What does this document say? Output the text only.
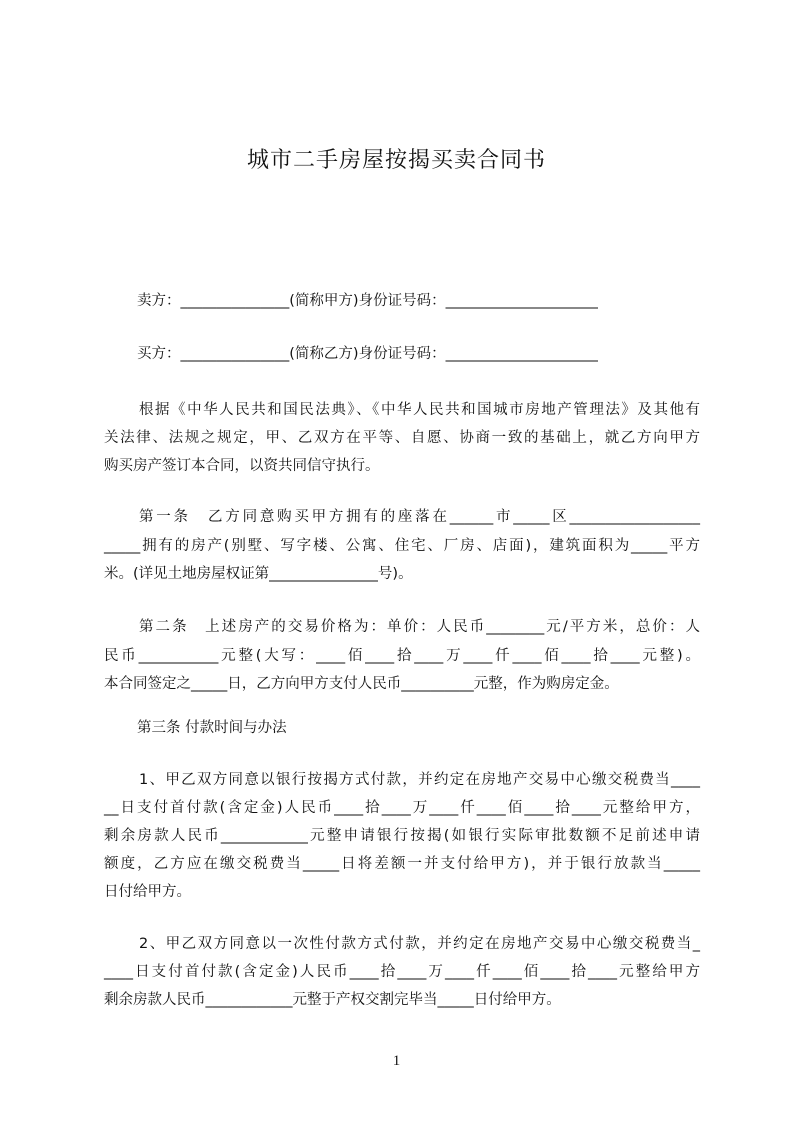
城市二手房屋按揭买卖合同书
卖方：_______________(简称甲方)身份证号码：_____________________
买方：_______________(简称乙方)身份证号码：_____________________
根据《中华人民共和国民法典》、《中华人民共和国城市房地产管理法》及其他有
关法律、法规之规定，甲、乙双方在平等、自愿、协商一致的基础上，就乙方向甲方
购买房产签订本合同，以资共同信守执行。
第一条　乙方同意购买甲方拥有的座落在______市_____区__________________
_____拥有的房产(别墅、写字楼、公寓、住宅、厂房、店面)，建筑面积为_____平方
米。(详见土地房屋权证第_______________号)。
第二条　上述房产的交易价格为：单价：人民币________元/平方米，总价：人
民币___________元整(大写：____佰____拾____万____仟____佰____拾____元整)。
本合同签定之_____日，乙方向甲方支付人民币__________元整，作为购房定金。
第三条 付款时间与办法
1、甲乙双方同意以银行按揭方式付款，并约定在房地产交易中心缴交税费当____
__日支付首付款(含定金)人民币____拾____万____仟____佰____拾____元整给甲方，
剩余房款人民币____________元整申请银行按揭(如银行实际审批数额不足前述申请
额度，乙方应在缴交税费当_____日将差额一并支付给甲方)，并于银行放款当_____
日付给甲方。
2、甲乙双方同意以一次性付款方式付款，并约定在房地产交易中心缴交税费当_
____日支付首付款(含定金)人民币____拾____万____仟____佰____拾____元整给甲方
剩余房款人民币____________元整于产权交割完毕当_____日付给甲方。
1
